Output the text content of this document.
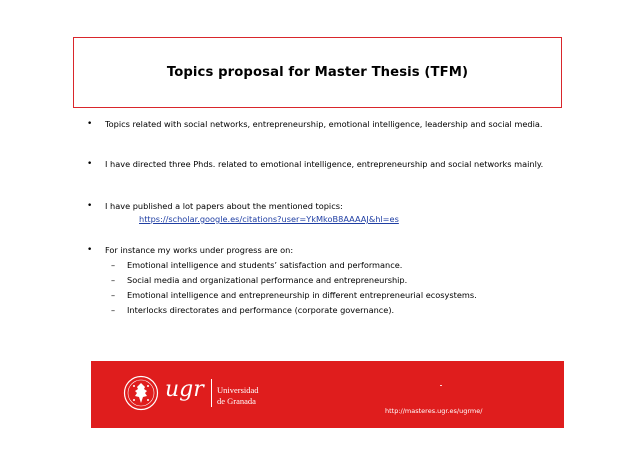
Topics proposal for Master Thesis (TFM)
• Topics related with social networks, entrepreneurship, emotional intelligence, leadership and social media.
• I have directed three Phds. related to emotional intelligence, entrepreneurship and social networks mainly.
• I have published a lot papers about the mentioned topics:
https://scholar.google.es/citations?user=YkMkoB8AAAAJ&hl=es
• For instance my works under progress are on:
– Emotional intelligence and students’ satisfaction and performance.
– Social media and organizational performance and entrepreneurship.
– Emotional intelligence and entrepreneurship in different entrepreneurial ecosystems.
– Interlocks directorates and performance (corporate governance).
ugr Universidad
de Granada
http://masteres.ugr.es/ugrme/
